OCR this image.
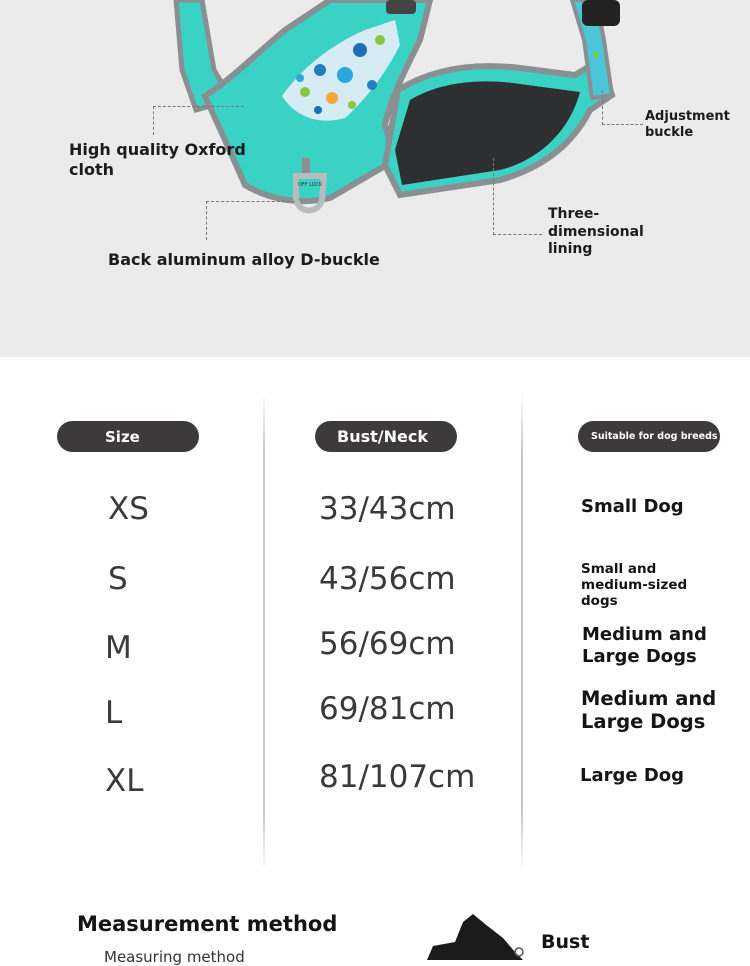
OFF LUCK
High quality Oxford cloth
Back aluminum alloy D-buckle
Adjustment buckle
Three-dimensional lining
Size	Bust/Neck	Suitable for dog breeds
XS	33/43cm	Small Dog
S	43/56cm	Small and medium-sized dogs
M	56/69cm	Medium and Large Dogs
L	69/81cm	Medium and Large Dogs
XL	81/107cm	Large Dog
Measurement method
Measuring method
Bust
